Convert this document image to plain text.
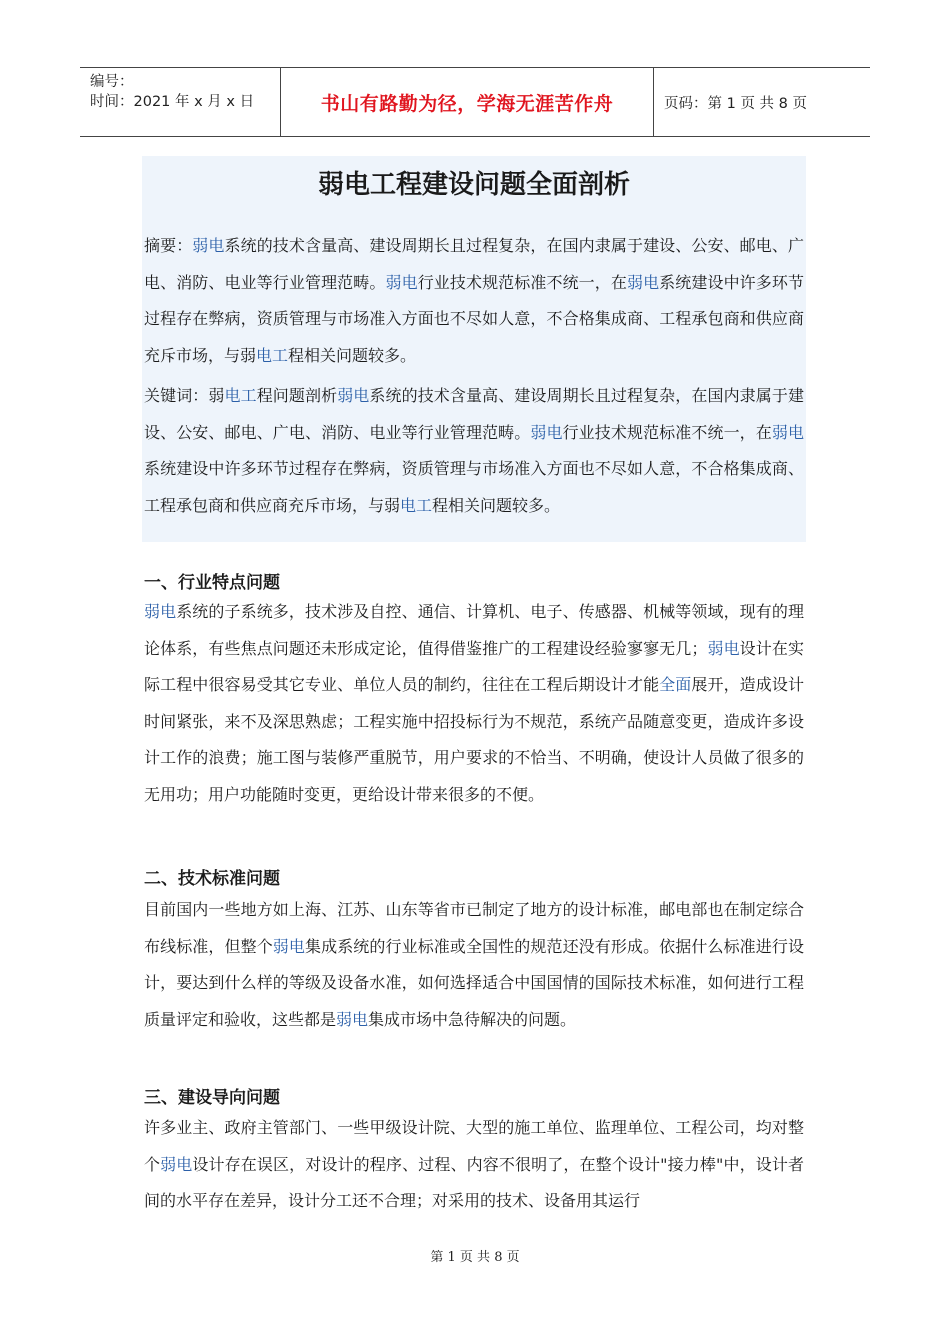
编号：
时间：2021 年 x 月 x 日	书山有路勤为径，学海无涯苦作舟	页码：第 1 页 共 8 页
弱电工程建设问题全面剖析
摘要：弱电系统的技术含量高、建设周期长且过程复杂，在国内隶属于建设、公安、邮电、广电、消防、电业等行业管理范畴。弱电行业技术规范标准不统一，在弱电系统建设中许多环节过程存在弊病，资质管理与市场准入方面也不尽如人意，不合格集成商、工程承包商和供应商充斥市场，与弱电工程相关问题较多。
关键词：弱电工程问题剖析弱电系统的技术含量高、建设周期长且过程复杂，在国内隶属于建设、公安、邮电、广电、消防、电业等行业管理范畴。弱电行业技术规范标准不统一，在弱电系统建设中许多环节过程存在弊病，资质管理与市场准入方面也不尽如人意，不合格集成商、工程承包商和供应商充斥市场，与弱电工程相关问题较多。
一、行业特点问题
弱电系统的子系统多，技术涉及自控、通信、计算机、电子、传感器、机械等领域，现有的理论体系，有些焦点问题还未形成定论，值得借鉴推广的工程建设经验寥寥无几；弱电设计在实际工程中很容易受其它专业、单位人员的制约，往往在工程后期设计才能全面展开，造成设计时间紧张，来不及深思熟虑；工程实施中招投标行为不规范，系统产品随意变更，造成许多设计工作的浪费；施工图与装修严重脱节，用户要求的不恰当、不明确，使设计人员做了很多的无用功；用户功能随时变更，更给设计带来很多的不便。
二、技术标准问题
目前国内一些地方如上海、江苏、山东等省市已制定了地方的设计标准，邮电部也在制定综合布线标准，但整个弱电集成系统的行业标准或全国性的规范还没有形成。依据什么标准进行设计，要达到什么样的等级及设备水准，如何选择适合中国国情的国际技术标准，如何进行工程质量评定和验收，这些都是弱电集成市场中急待解决的问题。
三、建设导向问题
许多业主、政府主管部门、一些甲级设计院、大型的施工单位、监理单位、工程公司，均对整个弱电设计存在误区，对设计的程序、过程、内容不很明了，在整个设计"接力棒"中，设计者间的水平存在差异，设计分工还不合理；对采用的技术、设备用其运行
第 1 页 共 8 页
